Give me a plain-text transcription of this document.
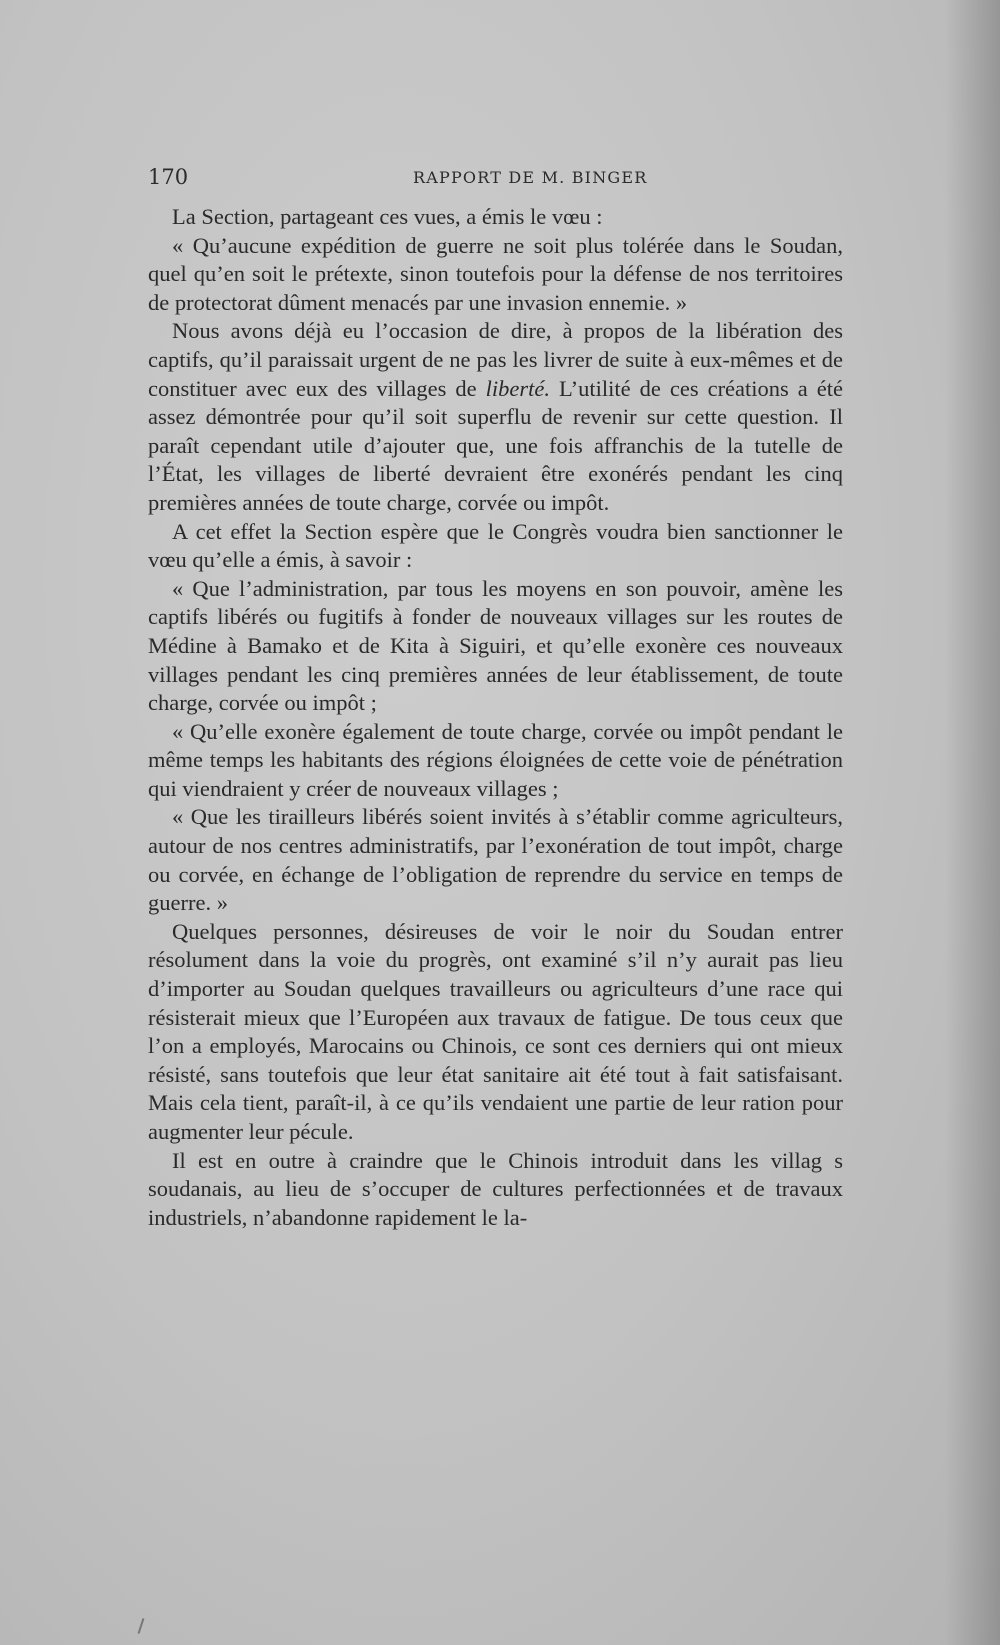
170	RAPPORT DE M. BINGER

La Section, partageant ces vues, a émis le vœu :

« Qu’aucune expédition de guerre ne soit plus tolérée dans le Soudan, quel qu’en soit le prétexte, sinon toutefois pour la défense de nos territoires de protectorat dûment menacés par une invasion ennemie. »

Nous avons déjà eu l’occasion de dire, à propos de la libération des captifs, qu’il paraissait urgent de ne pas les livrer de suite à eux-mêmes et de constituer avec eux des villages de liberté. L’utilité de ces créations a été assez démontrée pour qu’il soit superflu de revenir sur cette question. Il paraît cependant utile d’ajouter que, une fois affranchis de la tutelle de l’État, les villages de liberté devraient être exonérés pendant les cinq premières années de toute charge, corvée ou impôt.

A cet effet la Section espère que le Congrès voudra bien sanctionner le vœu qu’elle a émis, à savoir :

« Que l’administration, par tous les moyens en son pouvoir, amène les captifs libérés ou fugitifs à fonder de nouveaux villages sur les routes de Médine à Bamako et de Kita à Siguiri, et qu’elle exonère ces nouveaux villages pendant les cinq premières années de leur établissement, de toute charge, corvée ou impôt ;

« Qu’elle exonère également de toute charge, corvée ou impôt pendant le même temps les habitants des régions éloignées de cette voie de pénétration qui viendraient y créer de nouveaux villages ;

« Que les tirailleurs libérés soient invités à s’établir comme agriculteurs, autour de nos centres administratifs, par l’exonération de tout impôt, charge ou corvée, en échange de l’obligation de reprendre du service en temps de guerre. »

Quelques personnes, désireuses de voir le noir du Soudan entrer résolument dans la voie du progrès, ont examiné s’il n’y aurait pas lieu d’importer au Soudan quelques travailleurs ou agriculteurs d’une race qui résisterait mieux que l’Européen aux travaux de fatigue. De tous ceux que l’on a employés, Marocains ou Chinois, ce sont ces derniers qui ont mieux résisté, sans toutefois que leur état sanitaire ait été tout à fait satisfaisant. Mais cela tient, paraît-il, à ce qu’ils vendaient une partie de leur ration pour augmenter leur pécule.

Il est en outre à craindre que le Chinois introduit dans les villag s soudanais, au lieu de s’occuper de cultures perfectionnées et de travaux industriels, n’abandonne rapidement le la-
